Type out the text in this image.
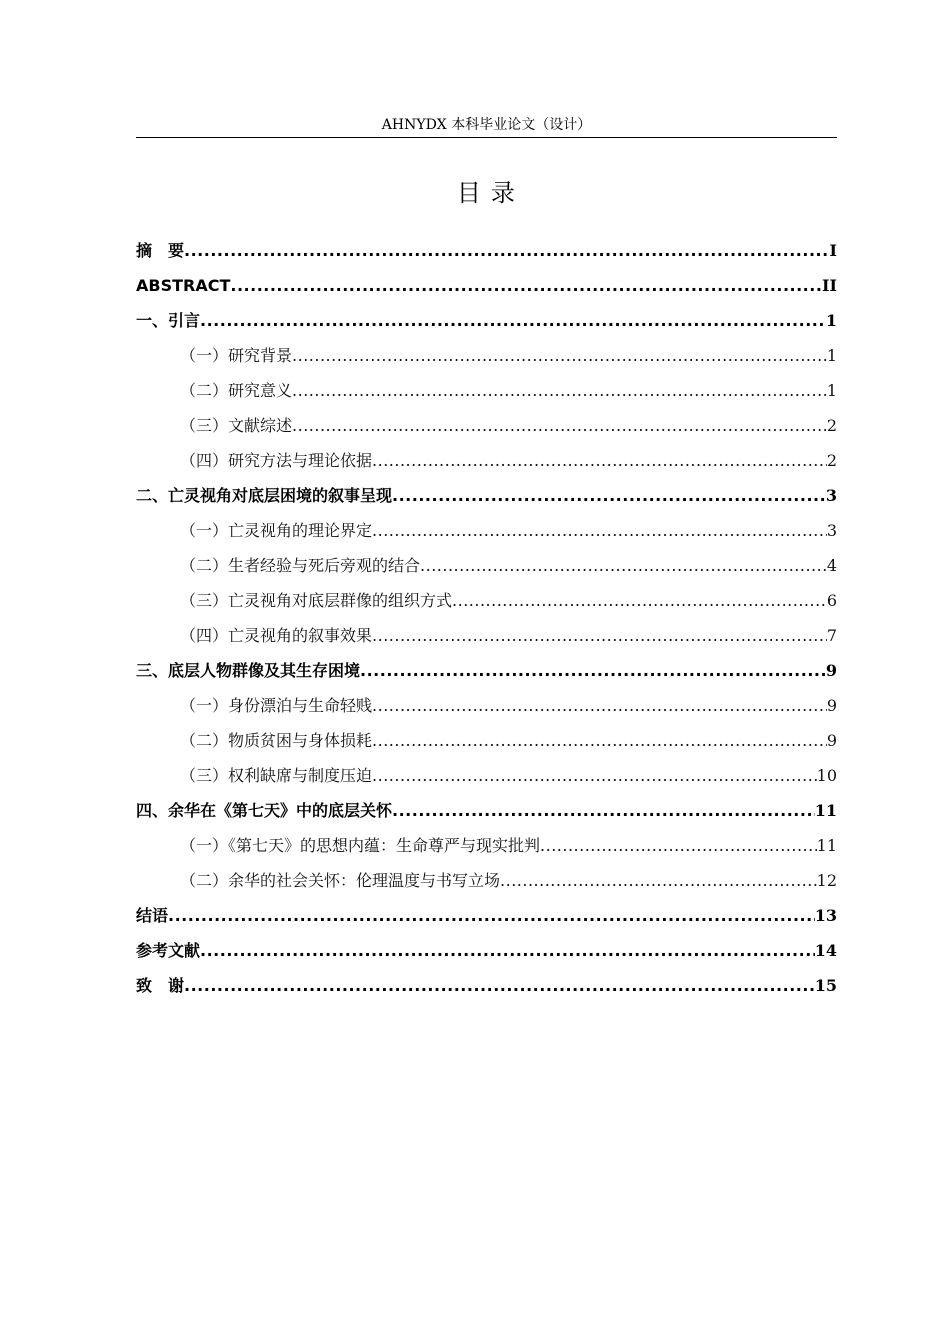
AHNYDX 本科毕业论文（设计）
目 录
摘　要 .....	I
ABSTRACT .....	II
一、引言 .....	1
（一）研究背景 .....	1
（二）研究意义 .....	1
（三）文献综述 .....	2
（四）研究方法与理论依据 .....	2
二、亡灵视角对底层困境的叙事呈现 .....	3
（一）亡灵视角的理论界定 .....	3
（二）生者经验与死后旁观的结合 .....	4
（三）亡灵视角对底层群像的组织方式 .....	6
（四）亡灵视角的叙事效果 .....	7
三、底层人物群像及其生存困境 .....	9
（一）身份漂泊与生命轻贱 .....	9
（二）物质贫困与身体损耗 .....	9
（三）权利缺席与制度压迫 .....	10
四、余华在《第七天》中的底层关怀 .....	11
（一）《第七天》的思想内蕴：生命尊严与现实批判 .....	11
（二）余华的社会关怀：伦理温度与书写立场 .....	12
结语 .....	13
参考文献 .....	14
致　谢 .....	15
